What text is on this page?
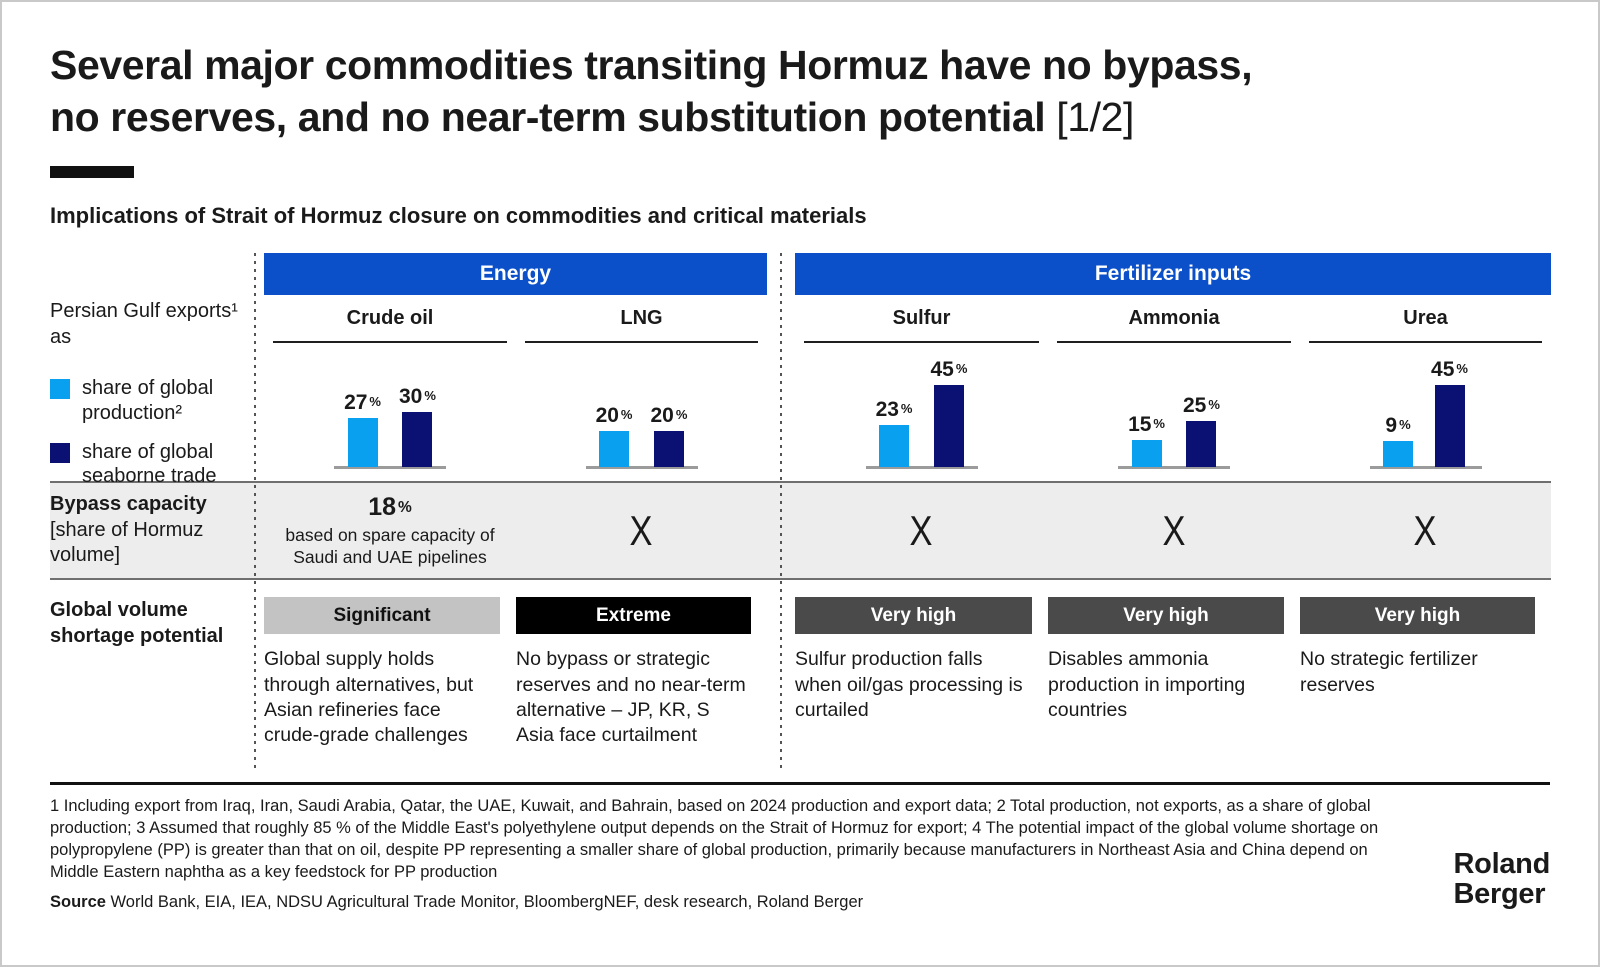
Several major commodities transiting Hormuz have no bypass,
no reserves, and no near-term substitution potential [1/2]
Implications of Strait of Hormuz closure on commodities and critical materials
Energy	Fertilizer inputs
Persian Gulf exports¹ as
share of global production²
share of global seaborne trade
Bypass capacity
[share of Hormuz volume]
Global volume shortage potential
Crude oil
27 % 30 %
18 %
based on spare capacity of Saudi and UAE pipelines
Significant
Global supply holds through alternatives, but Asian refineries face crude-grade challenges
LNG
20 % 20 %
X
Extreme
No bypass or strategic reserves and no near-term alternative – JP, KR, S Asia face curtailment
Sulfur
23 %
45 %
X
Very high
Sulfur production falls when oil/gas processing is curtailed
Ammonia
15 %
25 %
X
Very high
Disables ammonia production in importing countries
Urea
9 %
45 %
X
Very high
No strategic fertilizer reserves
1 Including export from Iraq, Iran, Saudi Arabia, Qatar, the UAE, Kuwait, and Bahrain, based on 2024 production and export data; 2 Total production, not exports, as a share of global production; 3 Assumed that roughly 85 % of the Middle East's polyethylene output depends on the Strait of Hormuz for export; 4 The potential impact of the global volume shortage on polypropylene (PP) is greater than that on oil, despite PP representing a smaller share of global production, primarily because manufacturers in Northeast Asia and China depend on Middle Eastern naphtha as a key feedstock for PP production
Source World Bank, EIA, IEA, NDSU Agricultural Trade Monitor, BloombergNEF, desk research, Roland Berger
Roland
Berger
